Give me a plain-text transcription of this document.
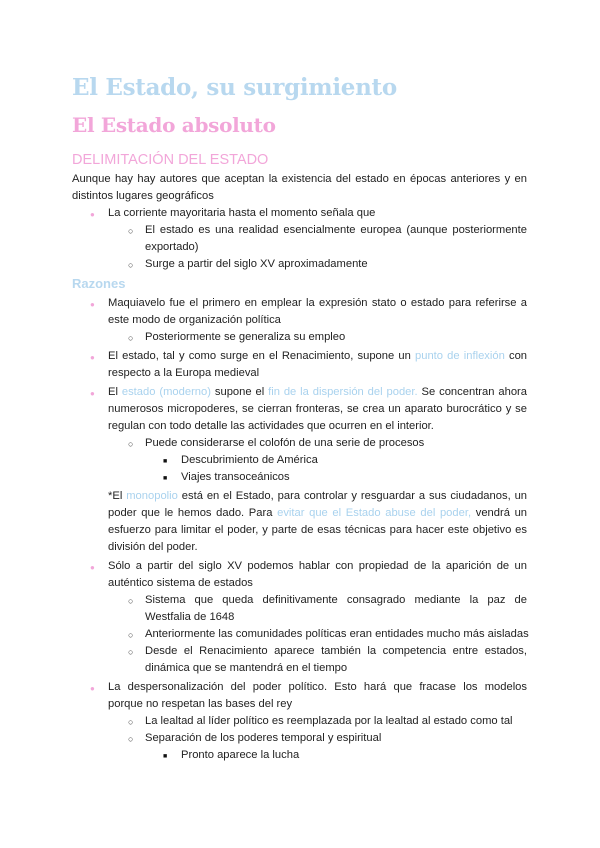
El Estado, su surgimiento
El Estado absoluto
DELIMITACIÓN DEL ESTADO
Aunque hay hay autores que aceptan la existencia del estado en épocas anteriores y en
distintos lugares geográficos
● La corriente mayoritaria hasta el momento señala que
○ El estado es una realidad esencialmente europea (aunque posteriormente
exportado)
○ Surge a partir del siglo XV aproximadamente
Razones
● Maquiavelo fue el primero en emplear la expresión stato o estado para referirse a
este modo de organización política
○ Posteriormente se generaliza su empleo
● El estado, tal y como surge en el Renacimiento, supone un punto de inflexión con
respecto a la Europa medieval
● El estado (moderno) supone el fin de la dispersión del poder. Se concentran ahora
numerosos micropoderes, se cierran fronteras, se crea un aparato burocrático y se
regulan con todo detalle las actividades que ocurren en el interior.
○ Puede considerarse el colofón de una serie de procesos
■ Descubrimiento de América
■ Viajes transoceánicos
*El monopolio está en el Estado, para controlar y resguardar a sus ciudadanos, un
poder que le hemos dado. Para evitar que el Estado abuse del poder, vendrá un
esfuerzo para limitar el poder, y parte de esas técnicas para hacer este objetivo es
división del poder.
● Sólo a partir del siglo XV podemos hablar con propiedad de la aparición de un
auténtico sistema de estados
○ Sistema que queda definitivamente consagrado mediante la paz de
Westfalia de 1648
○ Anteriormente las comunidades políticas eran entidades mucho más aisladas
○ Desde el Renacimiento aparece también la competencia entre estados,
dinámica que se mantendrá en el tiempo
● La despersonalización del poder político. Esto hará que fracase los modelos
porque no respetan las bases del rey
○ La lealtad al líder político es reemplazada por la lealtad al estado como tal
○ Separación de los poderes temporal y espiritual
■ Pronto aparece la lucha
